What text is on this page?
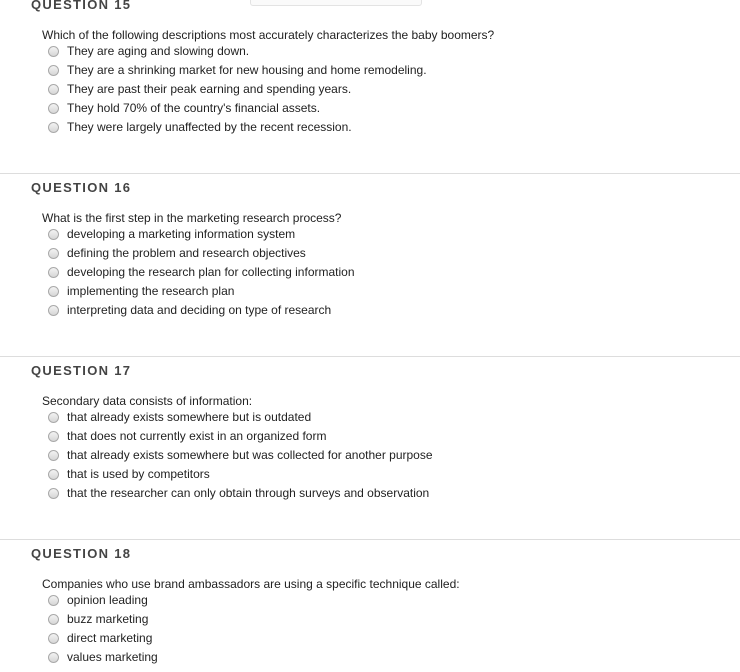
QUESTION 15
Which of the following descriptions most accurately characterizes the baby boomers?
They are aging and slowing down.
They are a shrinking market for new housing and home remodeling.
They are past their peak earning and spending years.
They hold 70% of the country's financial assets.
They were largely unaffected by the recent recession.
QUESTION 16
What is the first step in the marketing research process?
developing a marketing information system
defining the problem and research objectives
developing the research plan for collecting information
implementing the research plan
interpreting data and deciding on type of research
QUESTION 17
Secondary data consists of information:
that already exists somewhere but is outdated
that does not currently exist in an organized form
that already exists somewhere but was collected for another purpose
that is used by competitors
that the researcher can only obtain through surveys and observation
QUESTION 18
Companies who use brand ambassadors are using a specific technique called:
opinion leading
buzz marketing
direct marketing
values marketing
